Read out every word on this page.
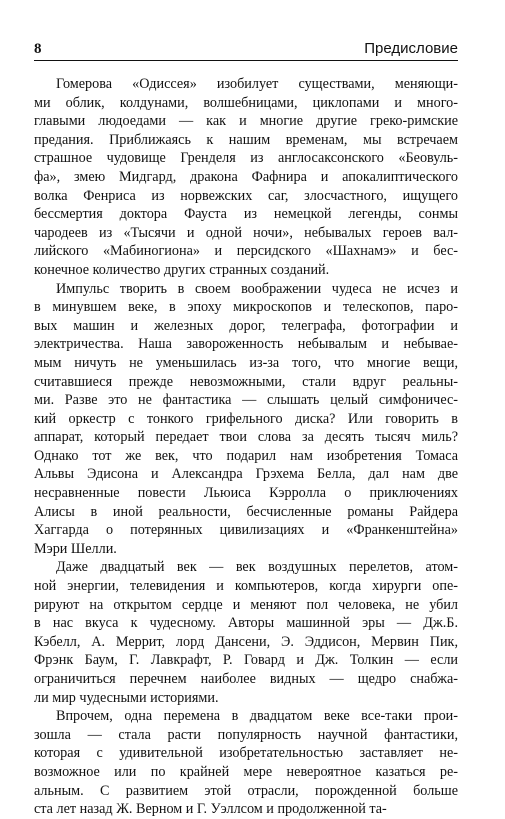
8	Предисловие
Гомерова «Одиссея» изобилует существами, меняющи-
ми облик, колдунами, волшебницами, циклопами и много-
главыми людоедами — как и многие другие греко-римские
предания. Приближаясь к нашим временам, мы встречаем
страшное чудовище Гренделя из англосаксонского «Беовуль-
фа», змею Мидгард, дракона Фафнира и апокалиптического
волка Фенриса из норвежских саг, злосчастного, ищущего
бессмертия доктора Фауста из немецкой легенды, сонмы
чародеев из «Тысячи и одной ночи», небывалых героев вал-
лийского «Мабиногиона» и персидского «Шахнамэ» и бес-
конечное количество других странных созданий.
Импульс творить в своем воображении чудеса не исчез и
в минувшем веке, в эпоху микроскопов и телескопов, паро-
вых машин и железных дорог, телеграфа, фотографии и
электричества. Наша завороженность небывалым и небывае-
мым ничуть не уменьшилась из-за того, что многие вещи,
считавшиеся прежде невозможными, стали вдруг реальны-
ми. Разве это не фантастика — слышать целый симфоничес-
кий оркестр с тонкого грифельного диска? Или говорить в
аппарат, который передает твои слова за десять тысяч миль?
Однако тот же век, что подарил нам изобретения Томаса
Альвы Эдисона и Александра Грэхема Белла, дал нам две
несравненные повести Льюиса Кэрролла о приключениях
Алисы в иной реальности, бесчисленные романы Райдера
Хаггарда о потерянных цивилизациях и «Франкенштейна»
Мэри Шелли.
Даже двадцатый век — век воздушных перелетов, атом-
ной энергии, телевидения и компьютеров, когда хирурги опе-
рируют на открытом сердце и меняют пол человека, не убил
в нас вкуса к чудесному. Авторы машинной эры — Дж.Б.
Кэбелл, А. Меррит, лорд Дансени, Э. Эддисон, Мервин Пик,
Фрэнк Баум, Г. Лавкрафт, Р. Говард и Дж. Толкин — если
ограничиться перечнем наиболее видных — щедро снабжа-
ли мир чудесными историями.
Впрочем, одна перемена в двадцатом веке все-таки прои-
зошла — стала расти популярность научной фантастики,
которая с удивительной изобретательностью заставляет не-
возможное или по крайней мере невероятное казаться ре-
альным. С развитием этой отрасли, порожденной больше
ста лет назад Ж. Верном и Г. Уэллсом и продолженной та-
